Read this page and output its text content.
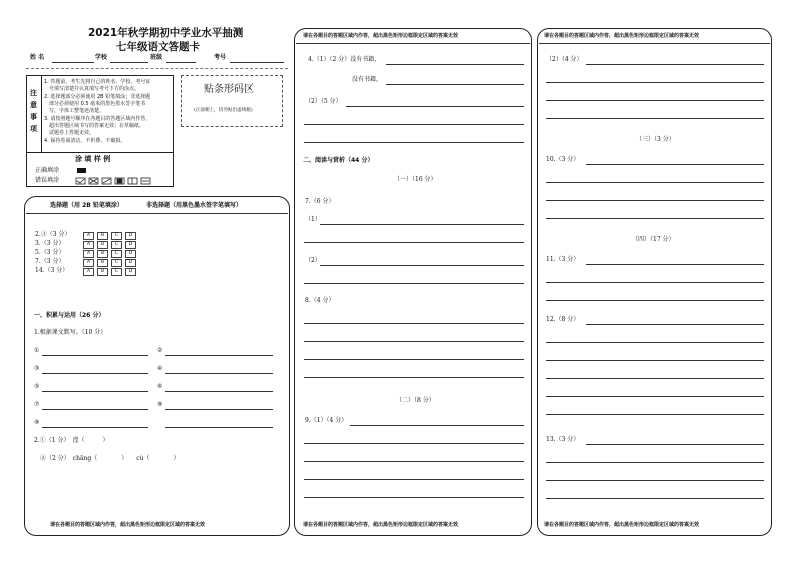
2021年秋学期初中学业水平抽测
七年级语文答题卡
姓 名	学校	班级	考号
注
意
事
项
1. 答题前，考生先将自己的姓名、学校、考号证
号填写清楚并认真填写考号下方的涂点。
2. 选择题部分必须使用 2B 铅笔填涂；非选择题
部分必须使用 0.5 毫米的黑色墨水签字笔书
写，字体工整笔迹清楚。
3. 请按照题号顺序在各题目的答题区域内作答，
超出答题区域书写的答案无效；在草稿纸、
试题卷上答题无效。
4. 保持卷面清洁，不折叠、不破损。
涂 填 样 例
正确填涂
错误填涂
贴条形码区
(正面朝上，切勿贴出虚线框)
选择题（用 2B 铅笔填涂）	非选择题（用黑色墨水签字笔填写）
2.③（3 分）	A	B	C	D
3.（3 分）	A	B	C	D
5.（3 分）	A	B	C	D
7.（3 分）	A	B	C	D
14.（3 分）	A	B	C	D
一、积累与运用（26 分）
1.根据课文默写。（10 分）
①	②
③	④
⑤	⑥
⑦	⑧
⑨
2.①（1 分）　滢（　　　）
②（2 分）　chāng（　　　　）　　cù（　　　　）
请在各题目的答题区域内作答，超出黑色矩形边框限定区域的答案无效
请在各题目的答题区域内作答，超出黑色矩形边框限定区域的答案无效
4.（1）（2 分）没有书籍，
没有书籍，
（2）（5 分）
二、阅读与赏析（44 分）
（一）（16 分）
7.（6 分）
（1）
（2）
8.（4 分）
（二）（8 分）
9.（1）（4 分）
请在各题目的答题区域内作答，超出黑色矩形边框限定区域的答案无效
请在各题目的答题区域内作答，超出黑色矩形边框限定区域的答案无效
（2）（4 分）
（三）（3 分）
10.（3 分）
（四）（17 分）
11.（3 分）
12.（8 分）
13.（3 分）
请在各题目的答题区域内作答，超出黑色矩形边框限定区域的答案无效
